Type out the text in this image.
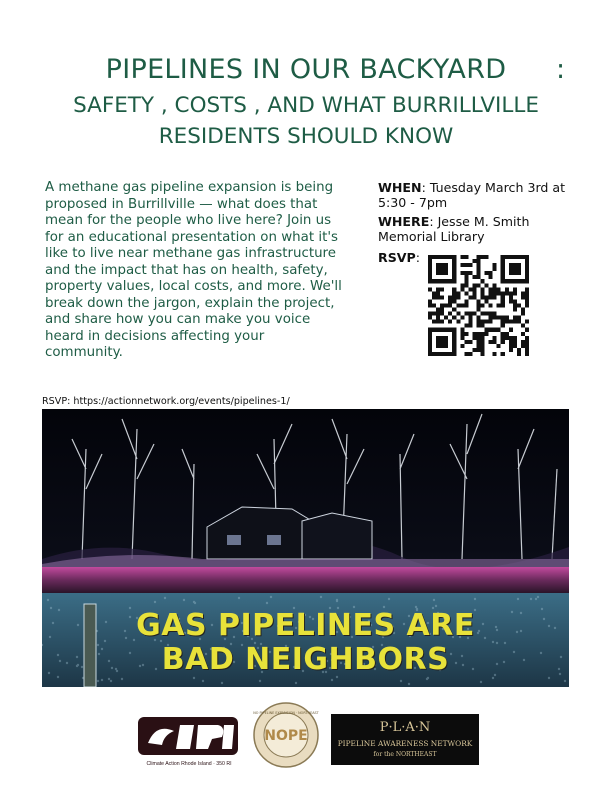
PIPELINES IN OUR BACKYARD :
SAFETY , COSTS , AND WHAT BURRILLVILLE
RESIDENTS SHOULD KNOW

A methane gas pipeline expansion is being proposed in Burrillville — what does that mean for the people who live here? Join us for an educational presentation on what it's like to live near methane gas infrastructure and the impact that has on health, safety, property values, local costs, and more. We'll break down the jargon, explain the project, and share how you can make you voice heard in decisions affecting your community.

WHEN: Tuesday March 3rd at 5:30 - 7pm
WHERE: Jesse M. Smith Memorial Library
RSVP:
RSVP: https://actionnetwork.org/events/pipelines-1/
GAS PIPELINES ARE
BAD NEIGHBORS
Climate Action Rhode Island · 350 RI
NOPE
NO PIPELINE EXPANSION · NORTHEAST
P·L·A·N
PIPELINE AWARENESS NETWORK
for the NORTHEAST
